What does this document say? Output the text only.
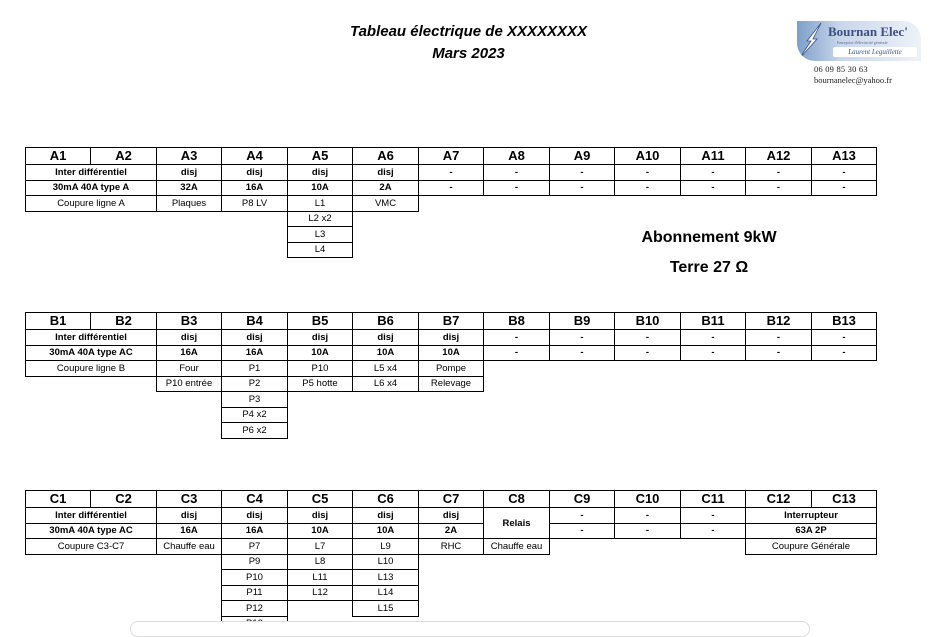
Tableau électrique de XXXXXXXX
Mars 2023
Bournan Elec'
Entreprise d'électricité générale
Laurent Leguillette
06 09 85 30 63
bournanelec@yahoo.fr
Abonnement 9kW
Terre 27 Ω
A1	A2	A3	A4	A5	A6	A7	A8	A9	A10	A11	A12	A13
Inter différentiel		disj	disj	disj	disj	-	-	-	-	-	-	-
30mA 40A type A		32A	16A	10A	2A	-	-	-	-	-	-	-
Coupure ligne A		Plaques	P8 LV	L1	VMC							
				L2 x2								
				L3								
				L4								
B1	B2	B3	B4	B5	B6	B7	B8	B9	B10	B11	B12	B13
Inter différentiel		disj	disj	disj	disj	disj	-	-	-	-	-	-
30mA 40A type AC		16A	16A	10A	10A	10A	-	-	-	-	-	-
Coupure ligne B		Four	P1	P10	L5 x4	Pompe						
		P10 entrée	P2	P5 hotte	L6 x4	Relevage						
			P3									
			P4 x2									
			P6 x2									
C1	C2	C3	C4	C5	C6	C7	C8	C9	C10	C11	C12	C13
Inter différentiel		disj	disj	disj	disj	disj	Relais	-	-	-	Interrupteur	
30mA 40A type AC		16A	16A	10A	10A	2A		-	-	-	63A 2P	
Coupure C3-C7		Chauffe eau	P7	L7	L9	RHC	Chauffe eau				Coupure Générale	
			P9	L8	L10							
			P10	L11	L13							
			P11	L12	L14							
			P12		L15							
